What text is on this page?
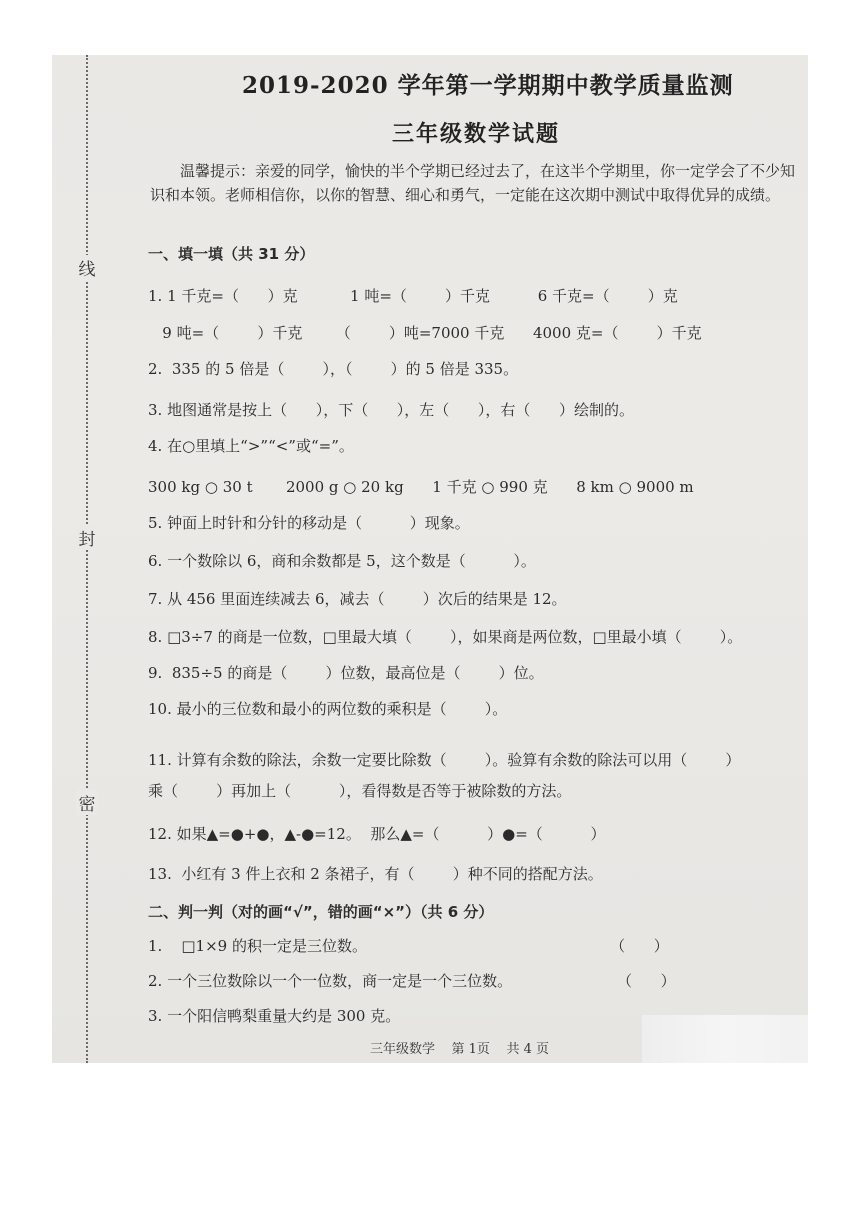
线
封
密
2019-2020 学年第一学期期中教学质量监测
三年级数学试题
温馨提示：亲爱的同学，愉快的半个学期已经过去了，在这半个学期里，你一定学会了不少知识和本领。老师相信你，以你的智慧、细心和勇气，一定能在这次期中测试中取得优异的成绩。
一、填一填（共 31 分）
1. 1 千克=（      ）克           1 吨=（        ）千克          6 千克=（        ）克
9 吨=（        ）千克       （        ）吨=7000 千克      4000 克=（        ）千克
2.  335 的 5 倍是（        ），（        ）的 5 倍是 335。
3. 地图通常是按上（      ），下（      ），左（      ），右（      ）绘制的。
4. 在○里填上“>”“<”或“=”。
300 kg ○ 30 t       2000 g ○ 20 kg      1 千克 ○ 990 克      8 km ○ 9000 m
5. 钟面上时针和分针的移动是（          ）现象。
6. 一个数除以 6，商和余数都是 5，这个数是（          ）。
7. 从 456 里面连续减去 6，减去（        ）次后的结果是 12。
8. □3÷7 的商是一位数，□里最大填（        ），如果商是两位数，□里最小填（        ）。
9.  835÷5 的商是（        ）位数，最高位是（        ）位。
10. 最小的三位数和最小的两位数的乘积是（        ）。
11. 计算有余数的除法，余数一定要比除数（        ）。验算有余数的除法可以用（        ）
乘（        ）再加上（          ），看得数是否等于被除数的方法。
12. 如果▲=●+●，▲-●=12。  那么▲=（          ）●=（          ）
13.  小红有 3 件上衣和 2 条裙子，有（        ）种不同的搭配方法。
二、判一判（对的画“√”，错的画“×”）（共 6 分）
1.    □1×9 的积一定是三位数。                                                   （      ）
2. 一个三位数除以一个一位数，商一定是一个三位数。                      （      ）
3. 一个阳信鸭梨重量大约是 300 克。
三年级数学    第 1页    共 4 页
